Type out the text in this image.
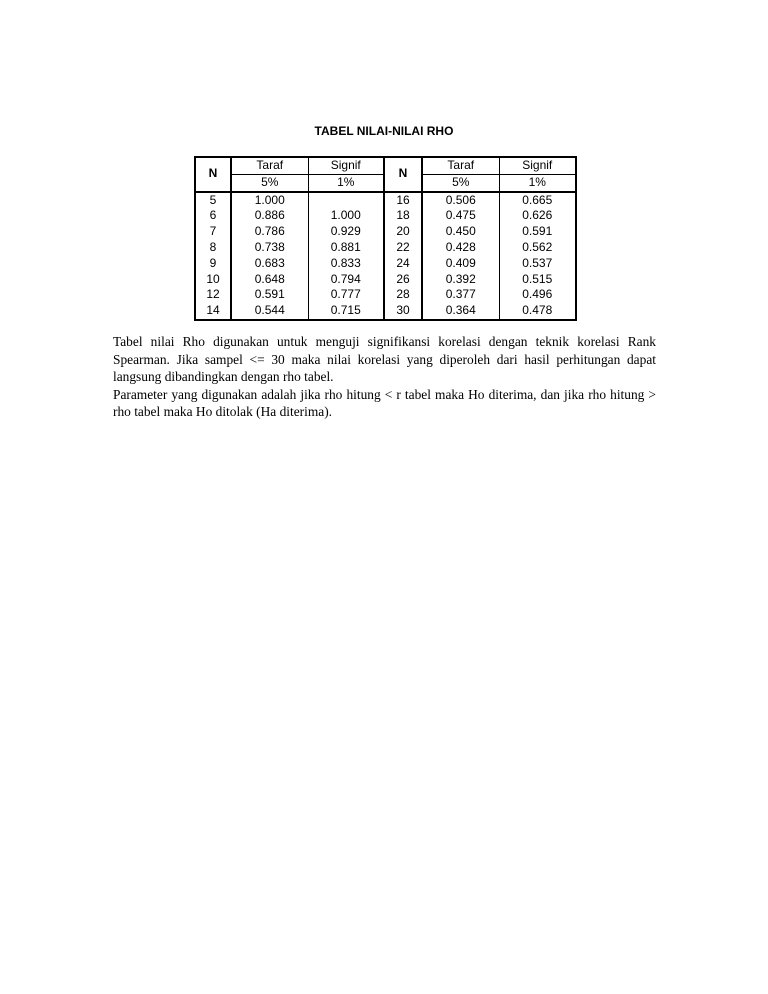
TABEL NILAI-NILAI RHO
N	Taraf	Signif	N	Taraf	Signif
	5%	1%		5%	1%
5	1.000		16	0.506	0.665
6	0.886	1.000	18	0.475	0.626
7	0.786	0.929	20	0.450	0.591
8	0.738	0.881	22	0.428	0.562
9	0.683	0.833	24	0.409	0.537
10	0.648	0.794	26	0.392	0.515
12	0.591	0.777	28	0.377	0.496
14	0.544	0.715	30	0.364	0.478

Tabel nilai Rho digunakan untuk menguji signifikansi korelasi dengan teknik korelasi Rank Spearman. Jika sampel <= 30 maka nilai korelasi yang diperoleh dari hasil perhitungan dapat langsung dibandingkan dengan rho tabel.

Parameter yang digunakan adalah jika rho hitung < r tabel maka Ho diterima, dan jika rho hitung > rho tabel maka Ho ditolak (Ha diterima).
